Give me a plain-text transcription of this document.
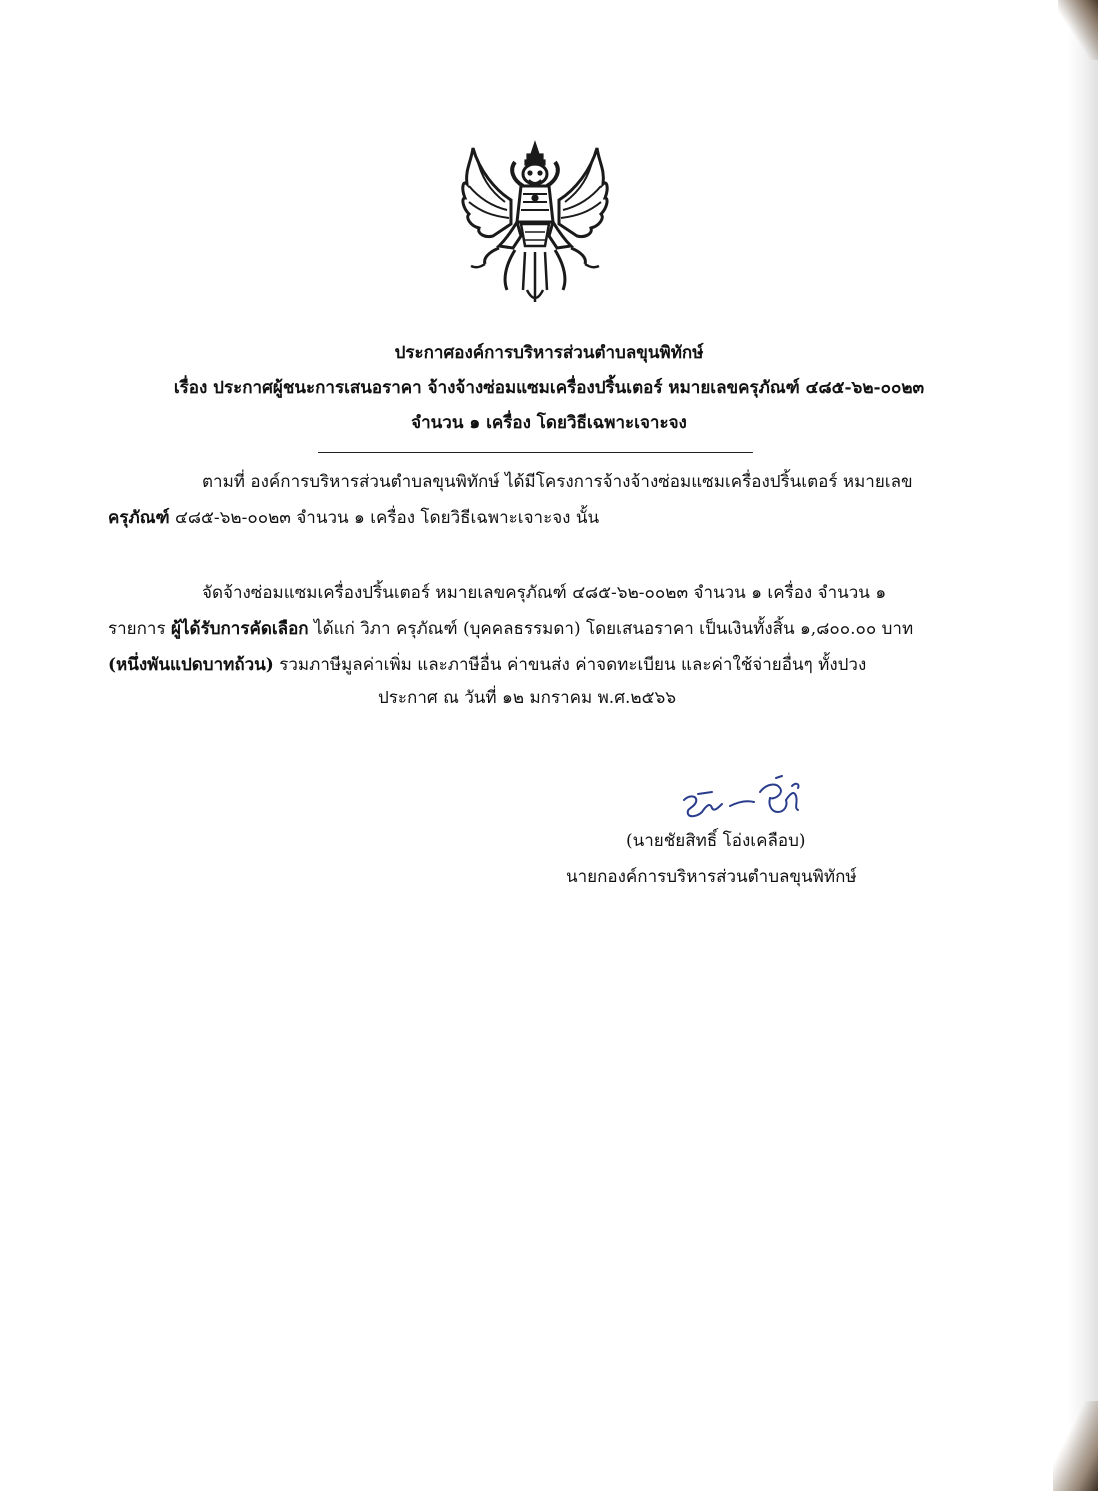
ประกาศองค์การบริหารส่วนตำบลขุนพิทักษ์
เรื่อง ประกาศผู้ชนะการเสนอราคา จ้างจ้างซ่อมแซมเครื่องปริ้นเตอร์ หมายเลขครุภัณฑ์ ๔๘๕-๖๒-๐๐๒๓
จำนวน ๑ เครื่อง โดยวิธีเฉพาะเจาะจง
ตามที่ องค์การบริหารส่วนตำบลขุนพิทักษ์ ได้มีโครงการจ้างจ้างซ่อมแซมเครื่องปริ้นเตอร์ หมายเลข
ครุภัณฑ์ ๔๘๕-๖๒-๐๐๒๓ จำนวน ๑ เครื่อง โดยวิธีเฉพาะเจาะจง นั้น
จัดจ้างซ่อมแซมเครื่องปริ้นเตอร์ หมายเลขครุภัณฑ์ ๔๘๕-๖๒-๐๐๒๓ จำนวน ๑ เครื่อง จำนวน ๑
รายการ ผู้ได้รับการคัดเลือก ได้แก่ วิภา ครุภัณฑ์ (บุคคลธรรมดา) โดยเสนอราคา เป็นเงินทั้งสิ้น ๑,๘๐๐.๐๐ บาท
(หนึ่งพันแปดบาทถ้วน) รวมภาษีมูลค่าเพิ่ม และภาษีอื่น ค่าขนส่ง ค่าจดทะเบียน และค่าใช้จ่ายอื่นๆ ทั้งปวง
ประกาศ ณ วันที่ ๑๒ มกราคม พ.ศ.๒๕๖๖
(นายชัยสิทธิ์ โอ่งเคลือบ)
นายกองค์การบริหารส่วนตำบลขุนพิทักษ์
